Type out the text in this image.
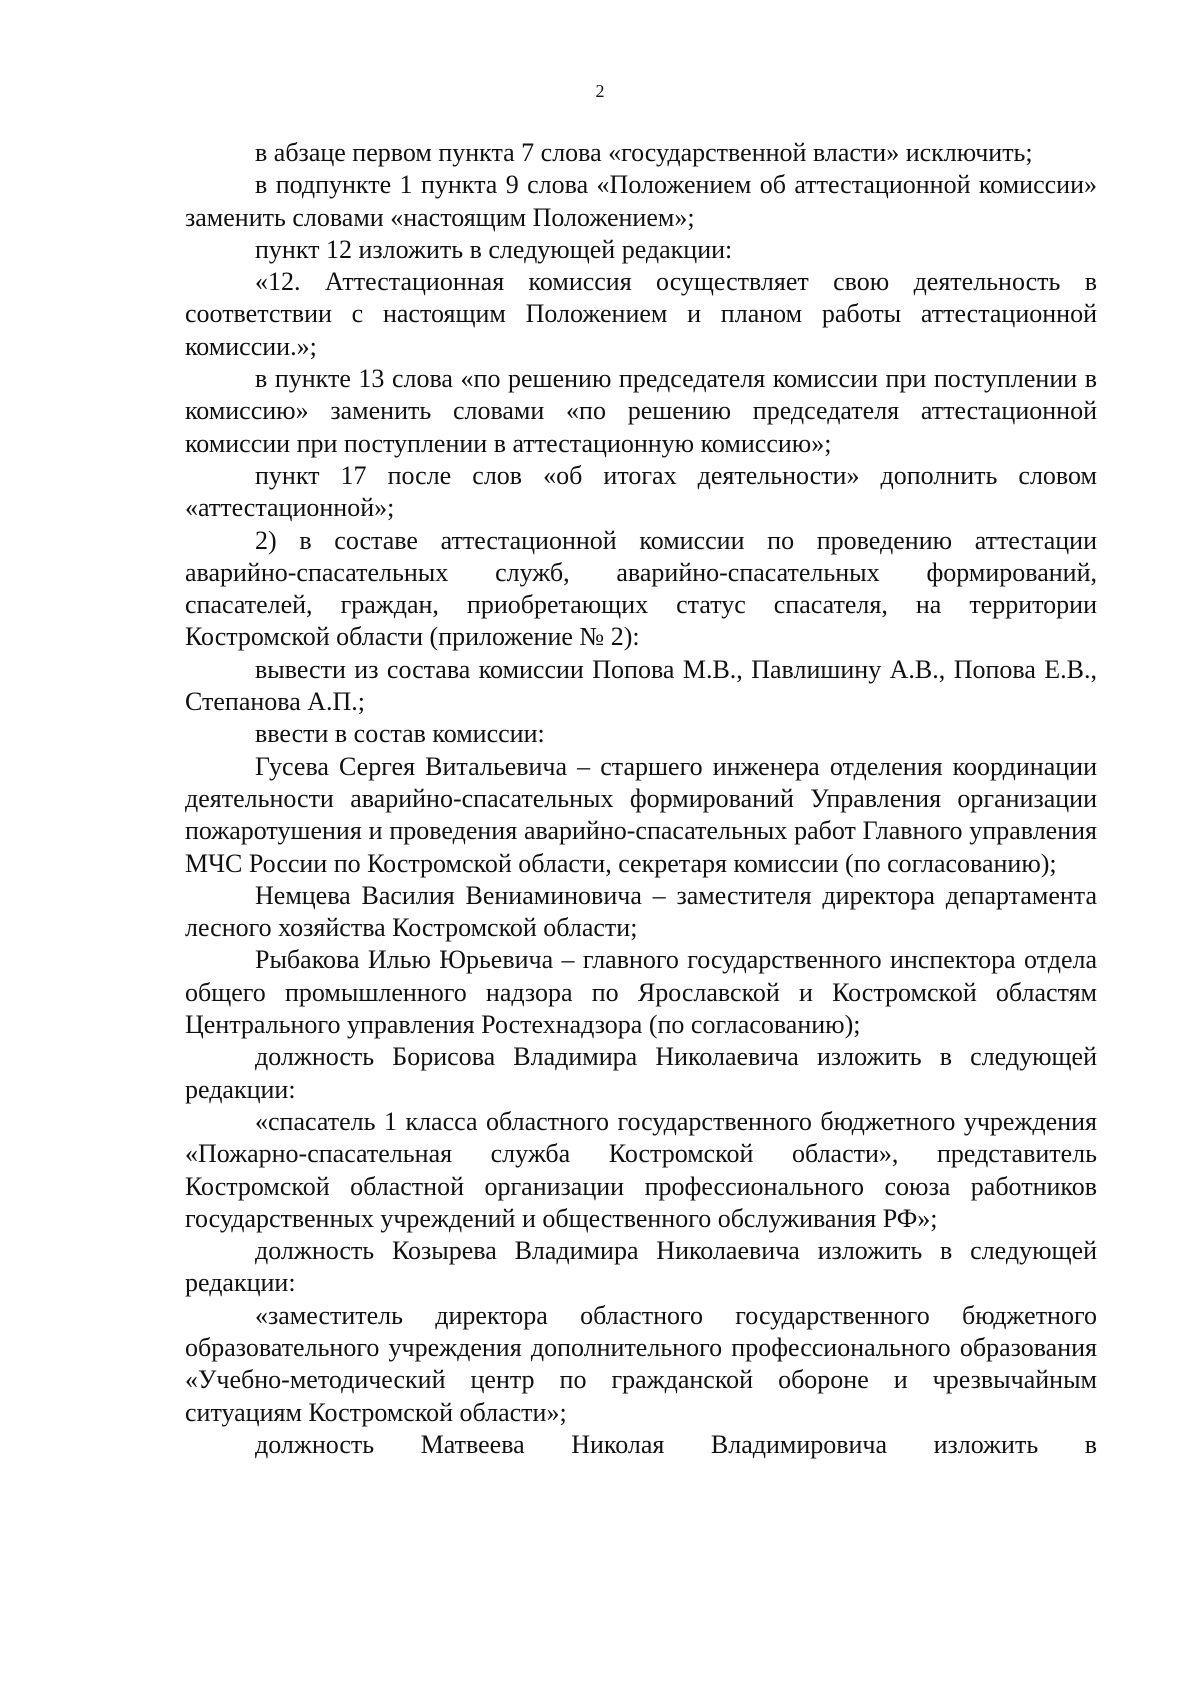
2

в абзаце первом пункта 7 слова «государственной власти» исключить;

в подпункте 1 пункта 9 слова «Положением об аттестационной комиссии» заменить словами «настоящим Положением»;

пункт 12 изложить в следующей редакции:

«12. Аттестационная комиссия осуществляет свою деятельность в соответствии с настоящим Положением и планом работы аттестационной комиссии.»;

в пункте 13 слова «по решению председателя комиссии при поступлении в комиссию» заменить словами «по решению председателя аттестационной комиссии при поступлении в аттестационную комиссию»;

пункт 17 после слов «об итогах деятельности» дополнить словом «аттестационной»;

2) в составе аттестационной комиссии по проведению аттестации аварийно-спасательных служб, аварийно-спасательных формирований, спасателей, граждан, приобретающих статус спасателя, на территории Костромской области (приложение № 2):

вывести из состава комиссии Попова М.В., Павлишину А.В., Попова Е.В., Степанова А.П.;

ввести в состав комиссии:

Гусева Сергея Витальевича – старшего инженера отделения координации деятельности аварийно-спасательных формирований Управления организации пожаротушения и проведения аварийно-спасательных работ Главного управления МЧС России по Костромской области, секретаря комиссии (по согласованию);

Немцева Василия Вениаминовича – заместителя директора департамента лесного хозяйства Костромской области;

Рыбакова Илью Юрьевича – главного государственного инспектора отдела общего промышленного надзора по Ярославской и Костромской областям Центрального управления Ростехнадзора (по согласованию);

должность Борисова Владимира Николаевича изложить в следующей редакции:

«спасатель 1 класса областного государственного бюджетного учреждения «Пожарно-спасательная служба Костромской области», представитель Костромской областной организации профессионального союза работников государственных учреждений и общественного обслуживания РФ»;

должность Козырева Владимира Николаевича изложить в следующей редакции:

«заместитель директора областного государственного бюджетного образовательного учреждения дополнительного профессионального образования «Учебно-методический центр по гражданской обороне и чрезвычайным ситуациям Костромской области»;

должность Матвеева Николая Владимировича изложить в
